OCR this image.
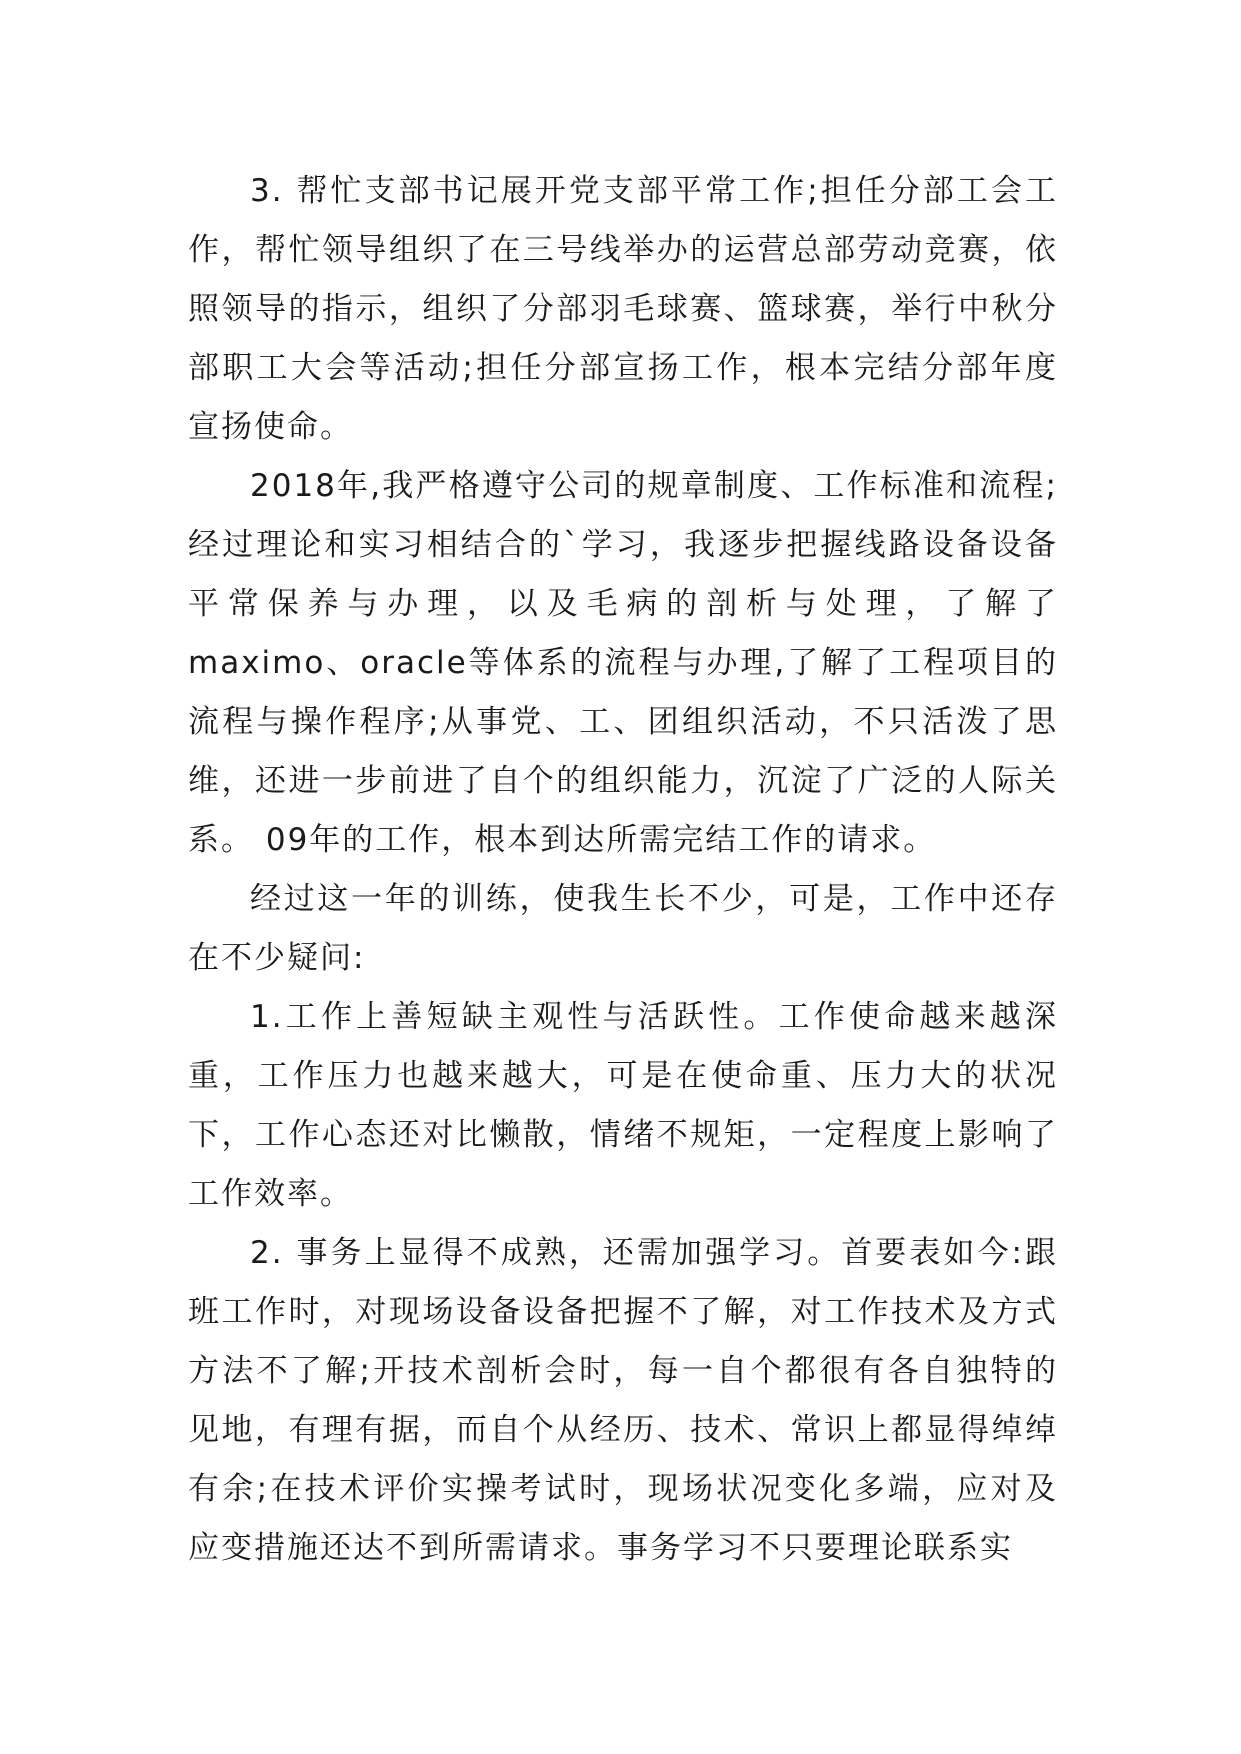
3. 帮忙支部书记展开党支部平常工作;担任分部工会工作，帮忙领导组织了在三号线举办的运营总部劳动竞赛，依照领导的指示，组织了分部羽毛球赛、篮球赛，举行中秋分部职工大会等活动;担任分部宣扬工作，根本完结分部年度宣扬使命。

2018年,我严格遵守公司的规章制度、工作标准和流程;经过理论和实习相结合的`学习，我逐步把握线路设备设备平常保养与办理，以及毛病的剖析与处理，了解了maximo、oracle等体系的流程与办理,了解了工程项目的流程与操作程序;从事党、工、团组织活动，不只活泼了思维，还进一步前进了自个的组织能力，沉淀了广泛的人际关系。 09年的工作，根本到达所需完结工作的请求。

经过这一年的训练，使我生长不少，可是，工作中还存在不少疑问:

1.工作上善短缺主观性与活跃性。工作使命越来越深重，工作压力也越来越大，可是在使命重、压力大的状况下，工作心态还对比懒散，情绪不规矩，一定程度上影响了工作效率。

2. 事务上显得不成熟，还需加强学习。首要表如今:跟班工作时，对现场设备设备把握不了解，对工作技术及方式方法不了解;开技术剖析会时，每一自个都很有各自独特的见地，有理有据，而自个从经历、技术、常识上都显得绰绰有余;在技术评价实操考试时，现场状况变化多端，应对及应变措施还达不到所需请求。事务学习不只要理论联系实
